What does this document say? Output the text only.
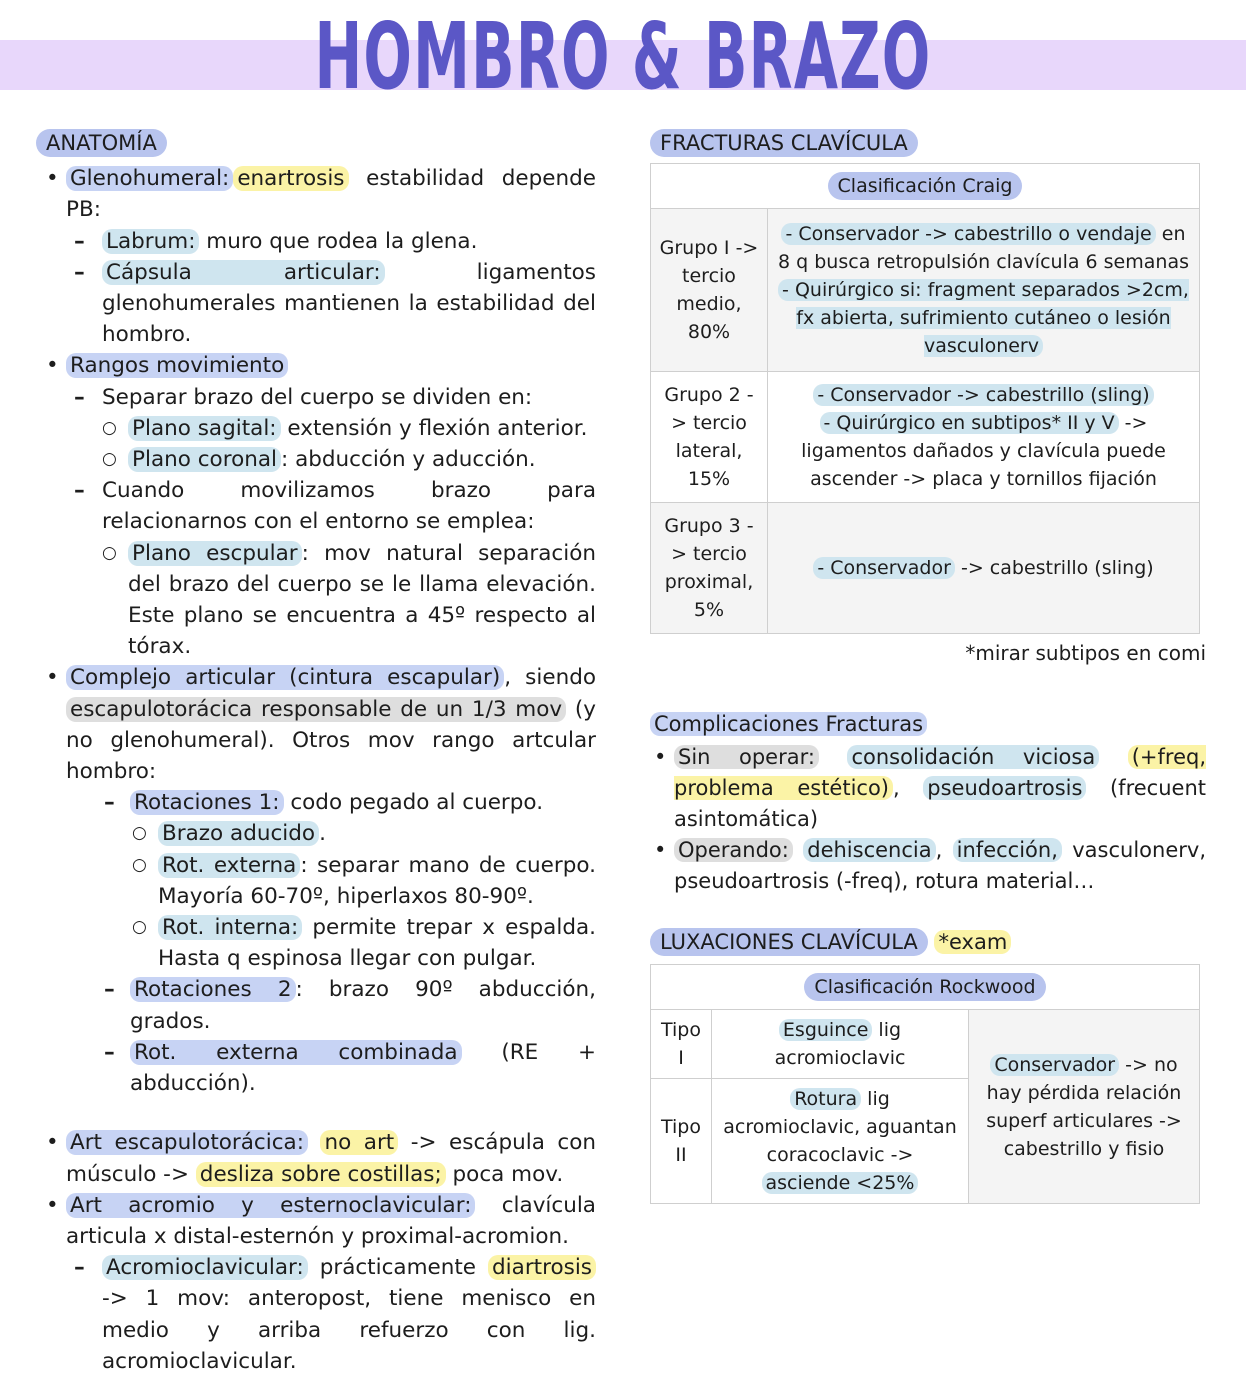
HOMBRO & BRAZO
ANATOMÍA
• Glenohumeral: enartrosis estabilidad depende PB:
– Labrum: muro que rodea la glena.
– Cápsula articular: ligamentos glenohumerales mantienen la estabilidad del hombro.
• Rangos movimiento
– Separar brazo del cuerpo se dividen en:
○ Plano sagital: extensión y flexión anterior.
○ Plano coronal : abducción y aducción.
– Cuando movilizamos brazo para relacionarnos con el entorno se emplea:
○ Plano escpular : mov natural separación del brazo del cuerpo se le llama elevación. Este plano se encuentra a 45º respecto al tórax.
• Complejo articular (cintura escapular) , siendo escapulotorácica responsable de un 1/3 mov (y no glenohumeral). Otros mov rango artcular hombro:
– Rotaciones 1: codo pegado al cuerpo.
○ Brazo aducido .
○ Rot. externa : separar mano de cuerpo. Mayoría 60-70º, hiperlaxos 80-90º.
○ Rot. interna: permite trepar x espalda. Hasta q espinosa llegar con pulgar.
– Rotaciones 2 : brazo 90º abducción, grados.
– Rot. externa combinada (RE + abducción).
• Art escapulotorácica: no art -> escápula con músculo -> desliza sobre costillas; poca mov.
• Art acromio y esternoclavicular: clavícula articula x distal-esternón y proximal-acromion.
– Acromioclavicular: prácticamente diartrosis -> 1 mov: anteropost, tiene menisco en medio y arriba refuerzo con lig. acromioclavicular.
FRACTURAS CLAVÍCULA
Clasificación Craig	
Grupo I -> tercio medio, 80%	- Conservador -> cabestrillo o vendaje en 8 q busca retropulsión clavícula 6 semanas
- Quirúrgico si: fragment separados >2cm, fx abierta, sufrimiento cutáneo o lesión vasculonerv
Grupo 2 -> tercio lateral, 15%	- Conservador -> cabestrillo (sling)
- Quirúrgico en subtipos* II y V -> ligamentos dañados y clavícula puede ascender -> placa y tornillos fijación
Grupo 3 -> tercio proximal, 5%	- Conservador -> cabestrillo (sling)
*mirar subtipos en comi
Complicaciones Fracturas
• Sin operar: consolidación viciosa (+freq, problema estético) , pseudoartrosis (frecuent asintomática)
• Operando: dehiscencia , infección, vasculonerv, pseudoartrosis (-freq), rotura material…
LUXACIONES CLAVÍCULA *exam
Clasificación Rockwood		
Tipo I	Esguince lig acromioclavic	Conservador -> no hay pérdida relación superf articulares -> cabestrillo y fisio
Tipo II	Rotura lig acromioclavic, aguantan coracoclavic ->
asciende <25%	
